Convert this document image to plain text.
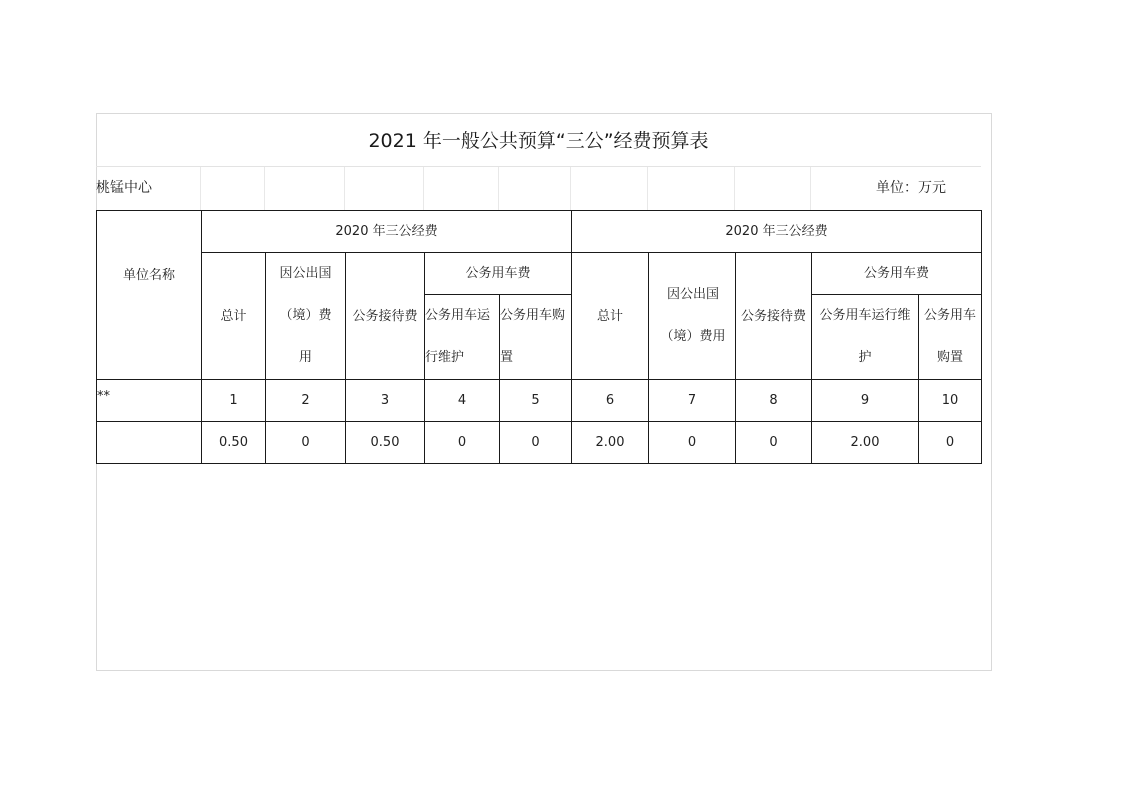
2021 年一般公共预算“三公”经费预算表
桃锰中心	单位：万元
单位名称	2020 年三公经费					2020 年三公经费				
	总计	因公出国（境）费用	公务接待费	公务用车费		总计	因公出国（境）费用	公务接待费	公务用车费	

				公务用车运行维护	公务用车购置				公务用车运行维护	公务用车购置

**	1	2	3	4	5	6	7	8	9	10
	0.50	0	0.50	0	0	2.00	0	0	2.00	0
